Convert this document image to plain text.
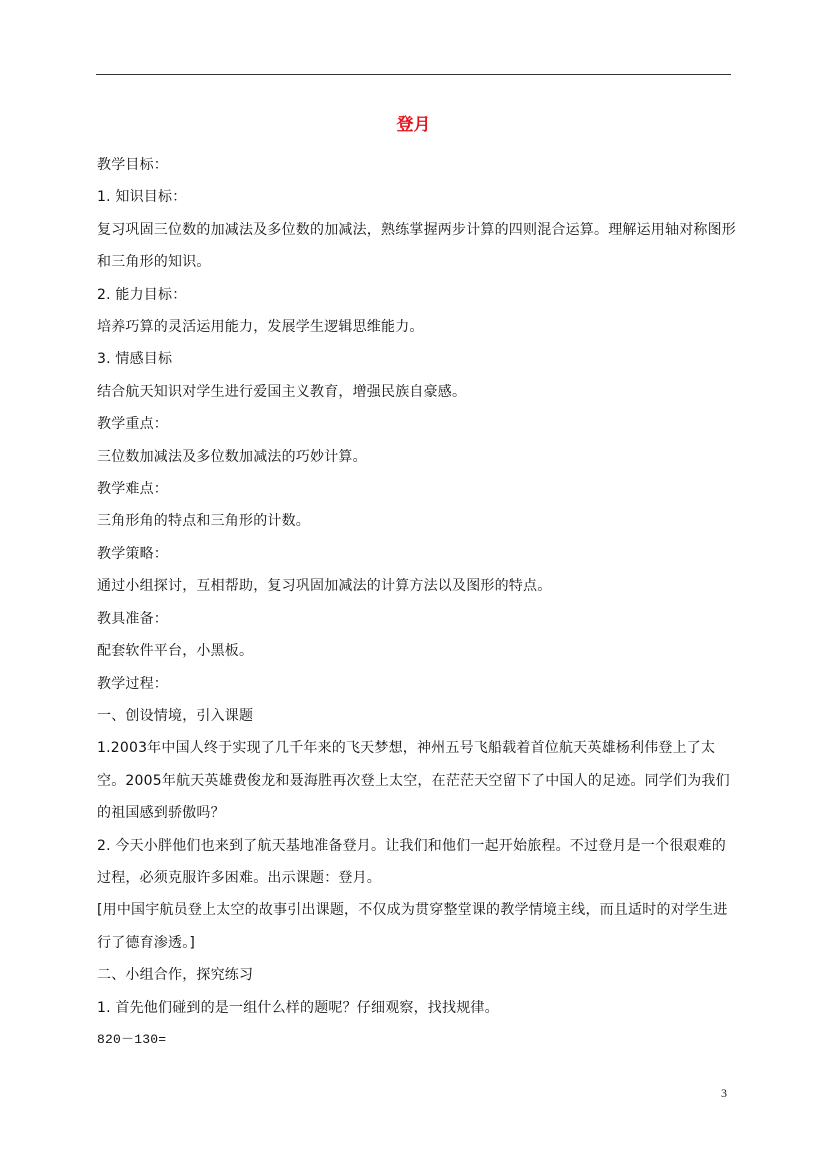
登月

教学目标：

1. 知识目标：

复习巩固三位数的加减法及多位数的加减法，熟练掌握两步计算的四则混合运算。理解运用轴对称图形和三角形的知识。

2. 能力目标：

培养巧算的灵活运用能力，发展学生逻辑思维能力。

3. 情感目标

结合航天知识对学生进行爱国主义教育，增强民族自豪感。

教学重点：

三位数加减法及多位数加减法的巧妙计算。

教学难点：

三角形角的特点和三角形的计数。

教学策略：

通过小组探讨，互相帮助，复习巩固加减法的计算方法以及图形的特点。

教具准备：

配套软件平台，小黑板。

教学过程：

一、创设情境，引入课题

1.2003年中国人终于实现了几千年来的飞天梦想，神州五号飞船载着首位航天英雄杨利伟登上了太空。2005年航天英雄费俊龙和聂海胜再次登上太空，在茫茫天空留下了中国人的足迹。同学们为我们的祖国感到骄傲吗？

2. 今天小胖他们也来到了航天基地准备登月。让我们和他们一起开始旅程。不过登月是一个很艰难的过程，必须克服许多困难。出示课题：登月。

[用中国宇航员登上太空的故事引出课题，不仅成为贯穿整堂课的教学情境主线，而且适时的对学生进行了德育渗透。]

二、小组合作，探究练习

1. 首先他们碰到的是一组什么样的题呢？仔细观察，找找规律。

820－130=

3
